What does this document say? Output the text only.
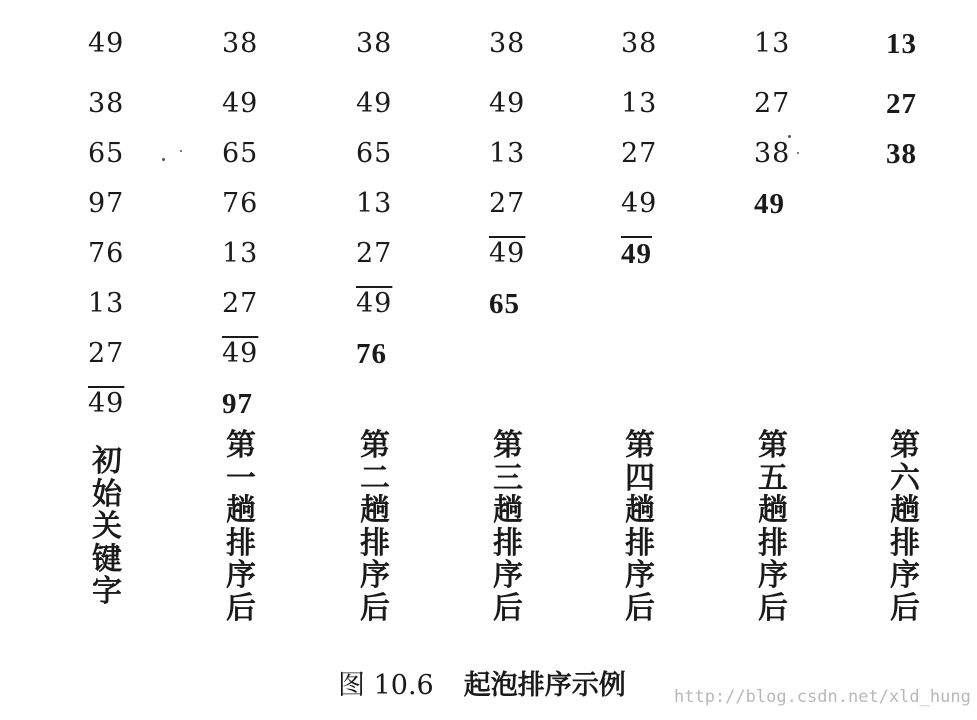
49
38
65
97
76
13
27
49
初始关键字
38
49
65
76
13
27
49
97
第一趟排序后
38
49
65
13
27
49
76
第二趟排序后
38
49
13
27
49
65
第三趟排序后
38
13
27
49
49
第四趟排序后
13
27
38
49
第五趟排序后
13
27
38
第六趟排序后
图 10.6 起泡排序示例	http://blog.csdn.net/xld_hung
